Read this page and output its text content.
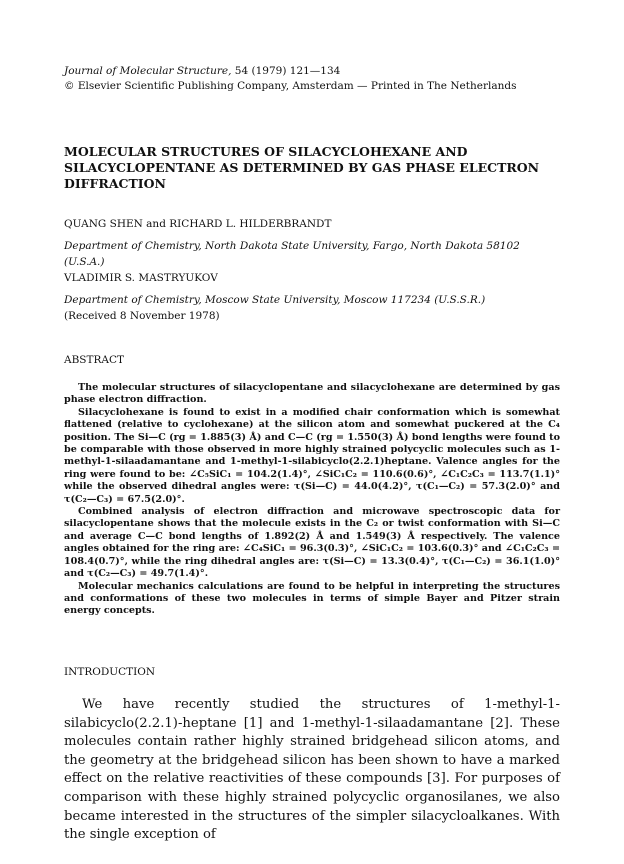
Journal of Molecular Structure, 54 (1979) 121—134
© Elsevier Scientific Publishing Company, Amsterdam — Printed in The Netherlands
MOLECULAR STRUCTURES OF SILACYCLOHEXANE AND SILACYCLOPENTANE AS DETERMINED BY GAS PHASE ELECTRON DIFFRACTION
QUANG SHEN and RICHARD L. HILDERBRANDT
Department of Chemistry, North Dakota State University, Fargo, North Dakota 58102 (U.S.A.)
VLADIMIR S. MASTRYUKOV
Department of Chemistry, Moscow State University, Moscow 117234 (U.S.S.R.)
(Received 8 November 1978)
ABSTRACT

The molecular structures of silacyclopentane and silacyclohexane are determined by gas phase electron diffraction.

Silacyclohexane is found to exist in a modified chair conformation which is somewhat flattened (relative to cyclohexane) at the silicon atom and somewhat puckered at the C₄ position. The Si—C (rɡ = 1.885(3) Å) and C—C (rɡ = 1.550(3) Å) bond lengths were found to be comparable with those observed in more highly strained polycyclic molecules such as 1-methyl-1-silaadamantane and 1-methyl-1-silabicyclo(2.2.1)heptane. Valence angles for the ring were found to be: ∠C₅SiC₁ = 104.2(1.4)°, ∠SiC₁C₂ = 110.6(0.6)°, ∠C₁C₂C₃ = 113.7(1.1)° while the observed dihedral angles were: τ(Si—C) = 44.0(4.2)°, τ(C₁—C₂) = 57.3(2.0)° and τ(C₂—C₃) = 67.5(2.0)°.

Combined analysis of electron diffraction and microwave spectroscopic data for silacyclopentane shows that the molecule exists in the C₂ or twist conformation with Si—C and average C—C bond lengths of 1.892(2) Å and 1.549(3) Å respectively. The valence angles obtained for the ring are: ∠C₄SiC₁ = 96.3(0.3)°, ∠SiC₁C₂ = 103.6(0.3)° and ∠C₁C₂C₃ = 108.4(0.7)°, while the ring dihedral angles are: τ(Si—C) = 13.3(0.4)°, τ(C₁—C₂) = 36.1(1.0)° and τ(C₂—C₃) = 49.7(1.4)°.

Molecular mechanics calculations are found to be helpful in interpreting the structures and conformations of these two molecules in terms of simple Bayer and Pitzer strain energy concepts.

INTRODUCTION

We have recently studied the structures of 1-methyl-1-silabicyclo(2.2.1)-heptane [1] and 1-methyl-1-silaadamantane [2]. These molecules contain rather highly strained bridgehead silicon atoms, and the geometry at the bridgehead silicon has been shown to have a marked effect on the relative reactivities of these compounds [3]. For purposes of comparison with these highly strained polycyclic organosilanes, we also became interested in the structures of the simpler silacycloalkanes. With the single exception of
